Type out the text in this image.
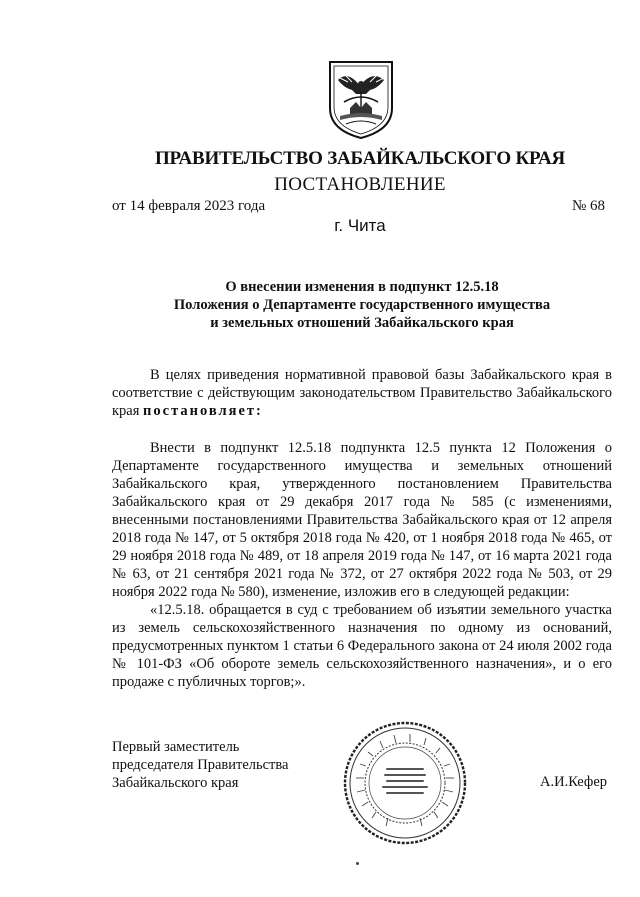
ПРАВИТЕЛЬСТВО ЗАБАЙКАЛЬСКОГО КРАЯ
ПОСТАНОВЛЕНИЕ
от 14 февраля 2023 года	№ 68
г. Чита
О внесении изменения в подпункт 12.5.18
Положения о Департаменте государственного имущества
и земельных отношений Забайкальского края

В целях приведения нормативной правовой базы Забайкальского края в соответствие с действующим законодательством Правительство Забайкальского края постановляет:

Внести в подпункт 12.5.18 подпункта 12.5 пункта 12 Положения о Департаменте государственного имущества и земельных отношений Забайкальского края, утвержденного постановлением Правительства Забайкальского края от 29 декабря 2017 года № 585 (с изменениями, внесенными постановлениями Правительства Забайкальского края от 12 апреля 2018 года № 147, от 5 октября 2018 года № 420, от 1 ноября 2018 года № 465, от 29 ноября 2018 года № 489, от 18 апреля 2019 года № 147, от 16 марта 2021 года № 63, от 21 сентября 2021 года № 372, от 27 октября 2022 года № 503, от 29 ноября 2022 года № 580), изменение, изложив его в следующей редакции:

«12.5.18. обращается в суд с требованием об изъятии земельного участка из земель сельскохозяйственного назначения по одному из оснований, предусмотренных пунктом 1 статьи 6 Федерального закона от 24 июля 2002 года № 101-ФЗ «Об обороте земель сельскохозяйственного назначения», и о его продаже с публичных торгов;».

Первый заместитель
председателя Правительства
Забайкальского края	А.И.Кефер
